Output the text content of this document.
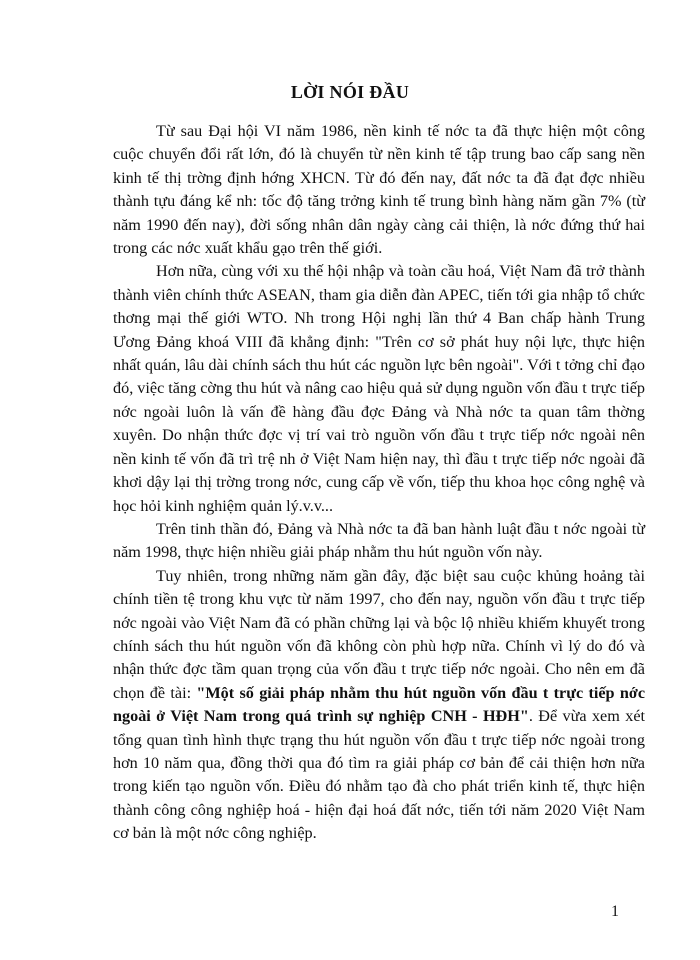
LỜI NÓI ĐẦU

Từ sau Đại hội VI năm 1986, nền kinh tế nớc ta đã thực hiện một công cuộc chuyển đổi rất lớn, đó là chuyển từ nền kinh tế tập trung bao cấp sang nền kinh tế thị trờng định hớng XHCN. Từ đó đến nay, đất nớc ta đã đạt đợc nhiều thành tựu đáng kể nh: tốc độ tăng trởng kinh tế trung bình hàng năm gần 7% (từ năm 1990 đến nay), đời sống nhân dân ngày càng cải thiện, là nớc đứng thứ hai trong các nớc xuất khẩu gạo trên thế giới.

Hơn nữa, cùng với xu thế hội nhập và toàn cầu hoá, Việt Nam đã trở thành thành viên chính thức ASEAN, tham gia diễn đàn APEC, tiến tới gia nhập tổ chức thơng mại thế giới WTO. Nh trong Hội nghị lần thứ 4 Ban chấp hành Trung Ương Đảng khoá VIII đã khẳng định: "Trên cơ sở phát huy nội lực, thực hiện nhất quán, lâu dài chính sách thu hút các nguồn lực bên ngoài". Với t tởng chỉ đạo đó, việc tăng cờng thu hút và nâng cao hiệu quả sử dụng nguồn vốn đầu t trực tiếp nớc ngoài luôn là vấn đề hàng đầu đợc Đảng và Nhà nớc ta quan tâm thờng xuyên. Do nhận thức đợc vị trí vai trò nguồn vốn đầu t trực tiếp nớc ngoài nên nền kinh tế vốn đã trì trệ nh ở Việt Nam hiện nay, thì đầu t trực tiếp nớc ngoài đã khơi dậy lại thị trờng trong nớc, cung cấp về vốn, tiếp thu khoa học công nghệ và học hỏi kinh nghiệm quản lý.v.v...

Trên tinh thần đó, Đảng và Nhà nớc ta đã ban hành luật đầu t nớc ngoài từ năm 1998, thực hiện nhiều giải pháp nhằm thu hút nguồn vốn này.

Tuy nhiên, trong những năm gần đây, đặc biệt sau cuộc khủng hoảng tài chính tiền tệ trong khu vực từ năm 1997, cho đến nay, nguồn vốn đầu t trực tiếp nớc ngoài vào Việt Nam đã có phần chững lại và bộc lộ nhiều khiếm khuyết trong chính sách thu hút nguồn vốn đã không còn phù hợp nữa. Chính vì lý do đó và nhận thức đợc tầm quan trọng của vốn đầu t trực tiếp nớc ngoài. Cho nên em đã chọn đề tài: "Một số giải pháp nhằm thu hút nguồn vốn đầu t trực tiếp nớc ngoài ở Việt Nam trong quá trình sự nghiệp CNH - HĐH". Để vừa xem xét tổng quan tình hình thực trạng thu hút nguồn vốn đầu t trực tiếp nớc ngoài trong hơn 10 năm qua, đồng thời qua đó tìm ra giải pháp cơ bản để cải thiện hơn nữa trong kiến tạo nguồn vốn. Điều đó nhằm tạo đà cho phát triển kinh tế, thực hiện thành công công nghiệp hoá - hiện đại hoá đất nớc, tiến tới năm 2020 Việt Nam cơ bản là một nớc công nghiệp.

1
